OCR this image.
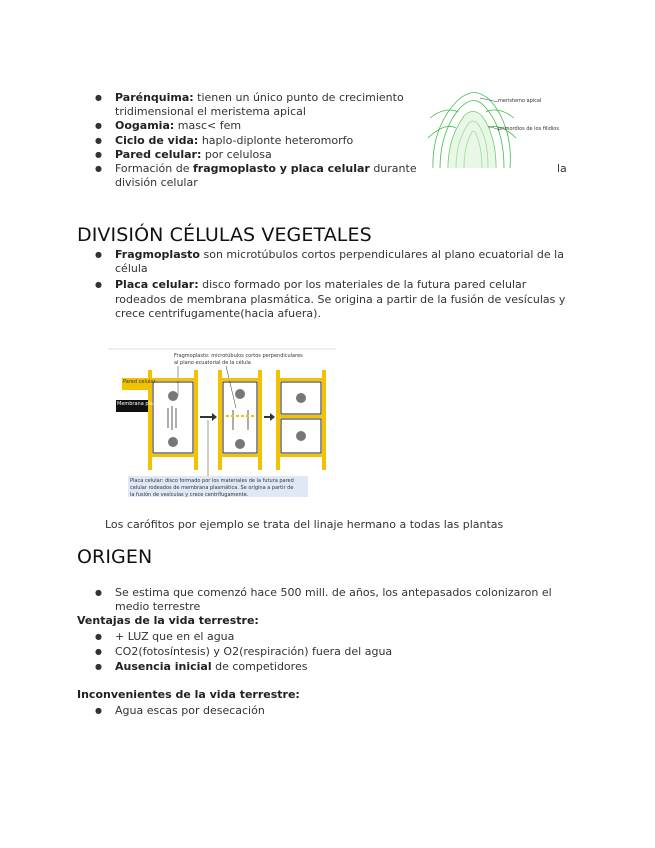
● Parénquima: tienen un único punto de crecimiento tridimensional el meristema apical
● Oogamia: masc< fem
● Ciclo de vida: haplo-diplonte heteromorfo
● Pared celular: por celulosa
● Formación de fragmoplasto y placa celular durante	la

división celular
meristemo apical
primordios de los filidios
DIVISIÓN CÉLULAS VEGETALES
● Fragmoplasto son microtúbulos cortos perpendiculares al plano ecuatorial de la célula
● Placa celular: disco formado por los materiales de la futura pared celular rodeados de membrana plasmática. Se origina a partir de la fusión de vesículas y crece centrifugamente(hacia afuera).
Fragmoplasto: microtúbulos cortos perpendiculares
al plano ecuatorial de la célula
Pared celular
Membrana plasmática
Placa celular: disco formado por los materiales de la futura pared
celular rodeados de membrana plasmática. Se origina a partir de
la fusión de vesículas y crece centrífugamente.
Los carófitos por ejemplo se trata del linaje hermano a todas las plantas
ORIGEN
● Se estima que comenzó hace 500 mill. de años, los antepasados colonizaron el medio terrestre
Ventajas de la vida terrestre:
● + LUZ que en el agua
● CO2(fotosíntesis) y O2(respiración) fuera del agua
● Ausencia inicial de competidores
Inconvenientes de la vida terrestre:
● Agua escas por desecación
